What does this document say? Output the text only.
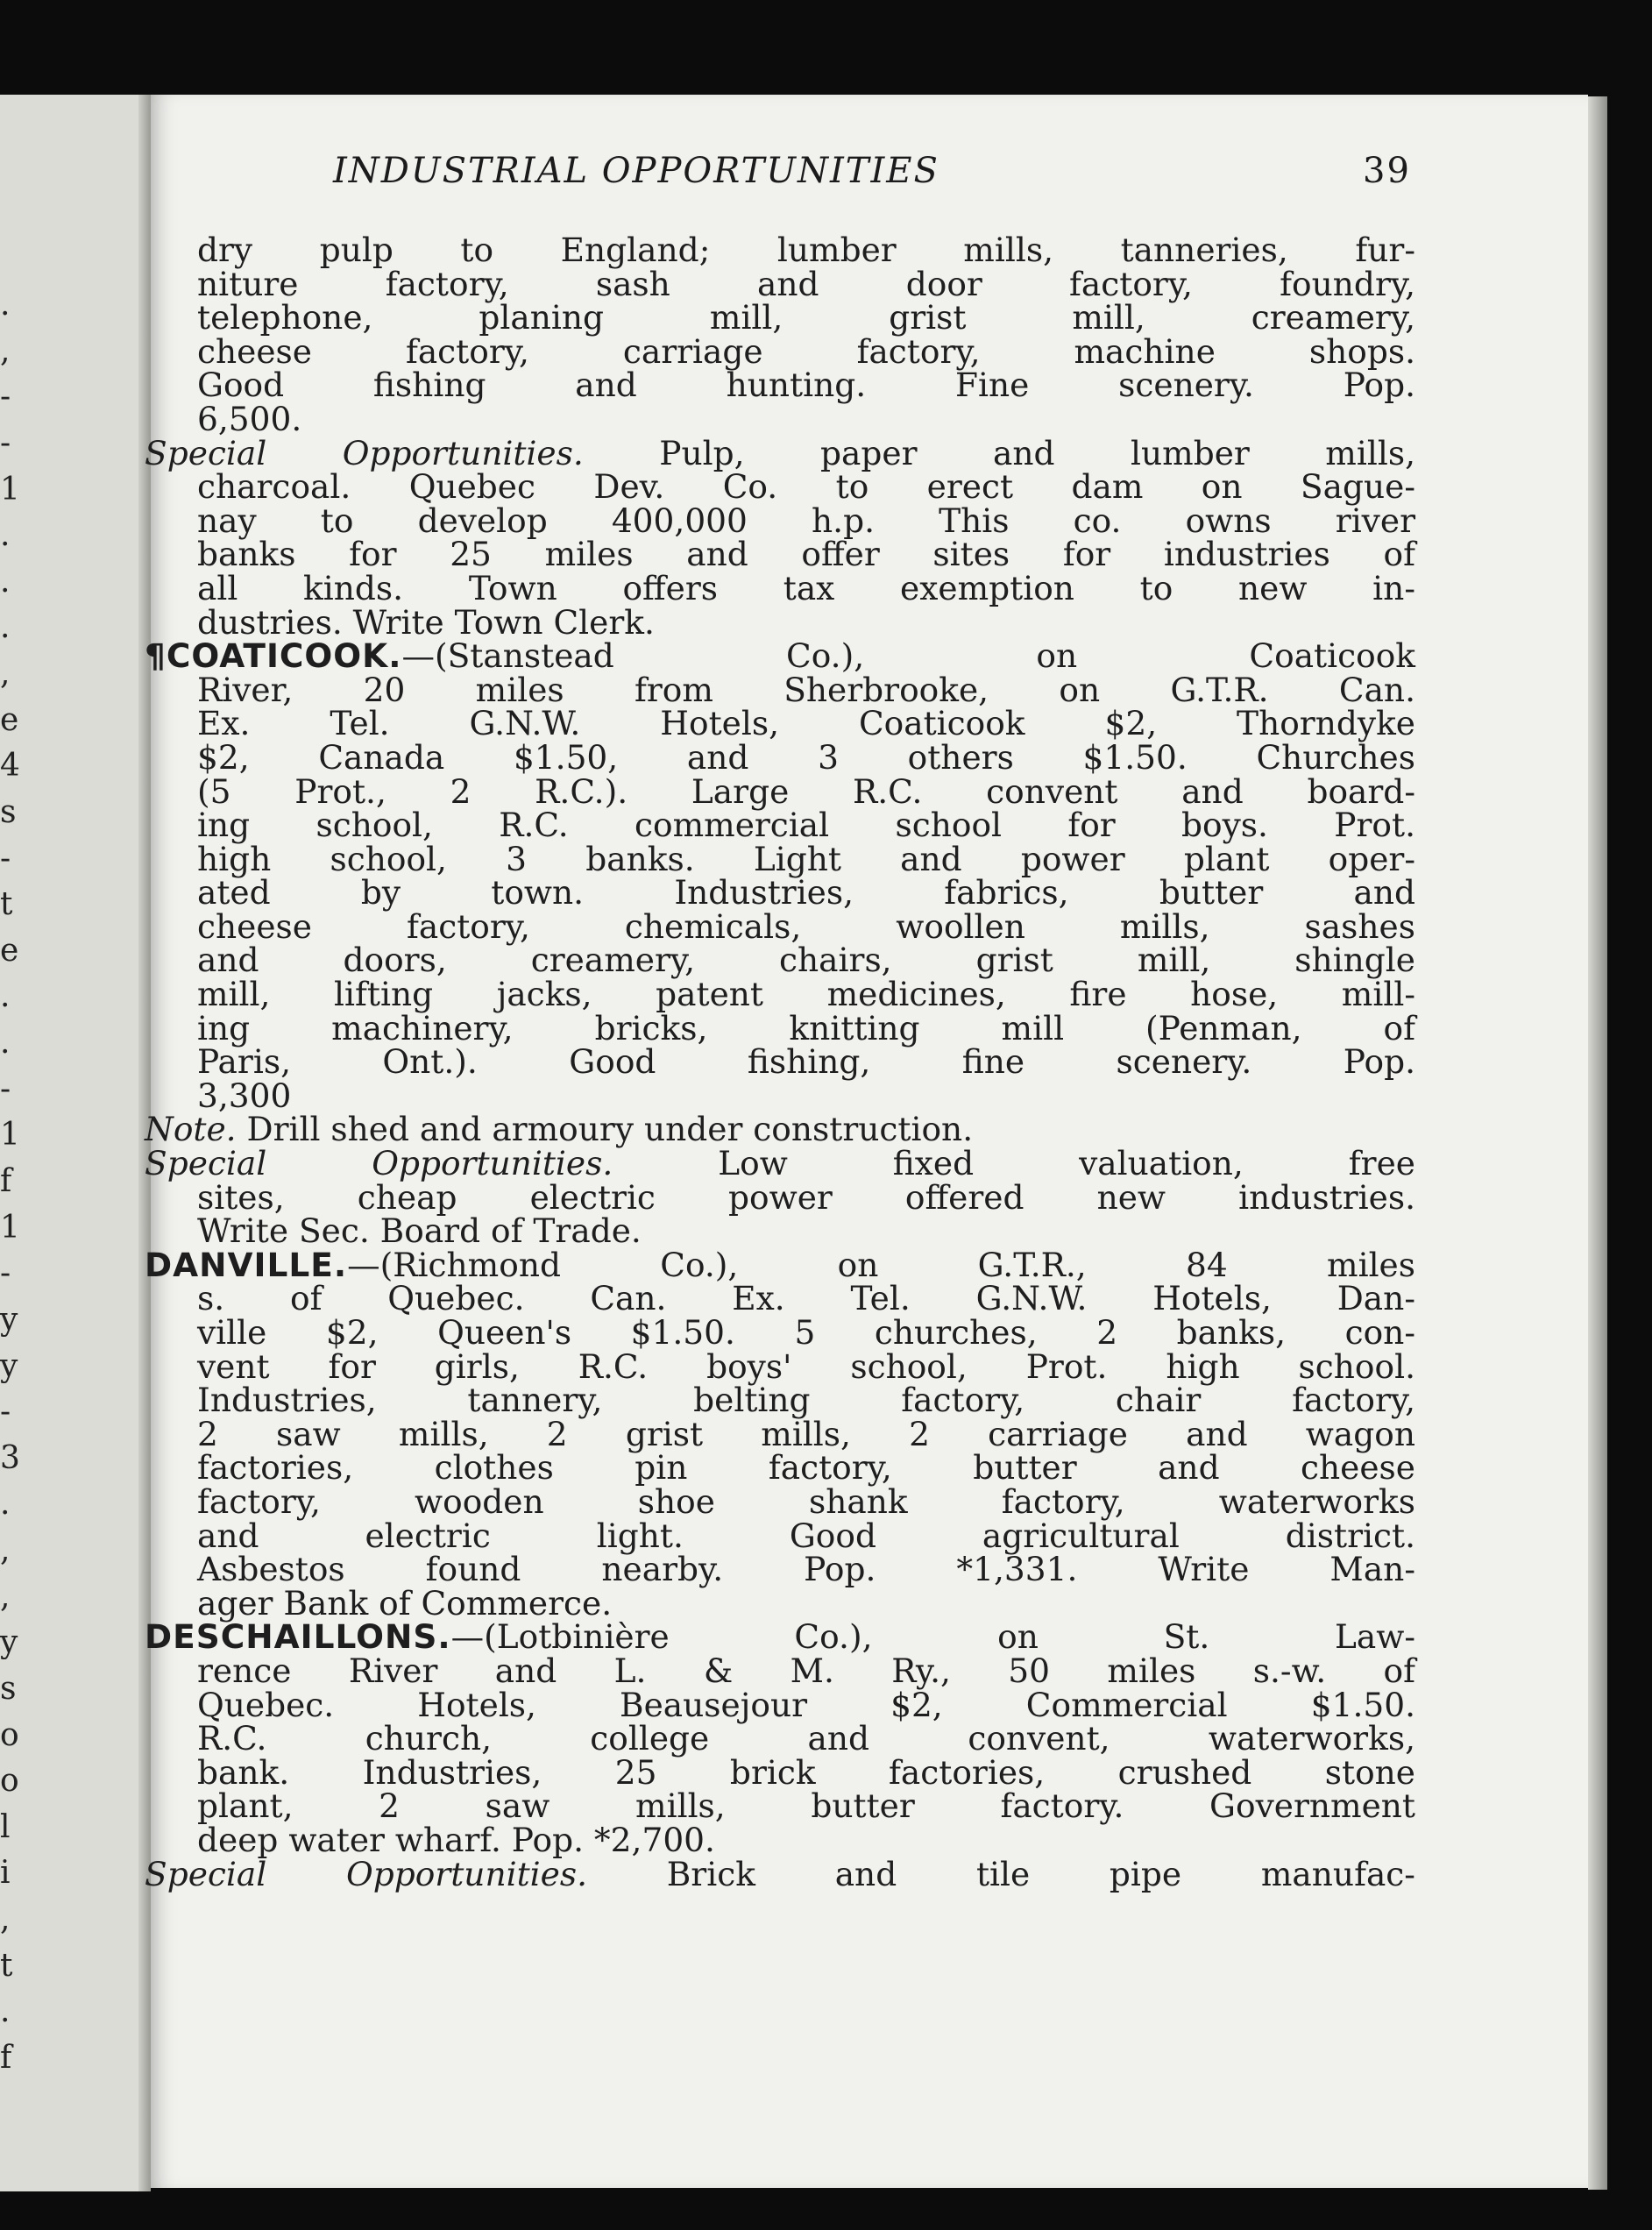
.
,
-
-
1
.
.
.
,
e
4
s
-
t
e
.
.
-
1
f
1
-
y
y
-
3
.
,
,
y
s
o
o
l
i
,
t
.
f
INDUSTRIAL OPPORTUNITIES	39
dry pulp to England; lumber mills, tanneries, fur-
niture factory, sash and door factory, foundry,
telephone, planing mill, grist mill, creamery,
cheese factory, carriage factory, machine shops.
Good fishing and hunting. Fine scenery. Pop.
6,500.
Special Opportunities. Pulp, paper and lumber mills,
charcoal. Quebec Dev. Co. to erect dam on Sague-
nay to develop 400,000 h.p. This co. owns river
banks for 25 miles and offer sites for industries of
all kinds. Town offers tax exemption to new in-
dustries. Write Town Clerk.
¶COATICOOK.—(Stanstead Co.), on Coaticook
River, 20 miles from Sherbrooke, on G.T.R. Can.
Ex. Tel. G.N.W. Hotels, Coaticook $2, Thorndyke
$2, Canada $1.50, and 3 others $1.50. Churches
(5 Prot., 2 R.C.). Large R.C. convent and board-
ing school, R.C. commercial school for boys. Prot.
high school, 3 banks. Light and power plant oper-
ated by town. Industries, fabrics, butter and
cheese factory, chemicals, woollen mills, sashes
and doors, creamery, chairs, grist mill, shingle
mill, lifting jacks, patent medicines, fire hose, mill-
ing machinery, bricks, knitting mill (Penman, of
Paris, Ont.). Good fishing, fine scenery. Pop.
3,300
Note. Drill shed and armoury under construction.
Special Opportunities. Low fixed valuation, free
sites, cheap electric power offered new industries.
Write Sec. Board of Trade.
DANVILLE.—(Richmond Co.), on G.T.R., 84 miles
s. of Quebec. Can. Ex. Tel. G.N.W. Hotels, Dan-
ville $2, Queen's $1.50. 5 churches, 2 banks, con-
vent for girls, R.C. boys' school, Prot. high school.
Industries, tannery, belting factory, chair factory,
2 saw mills, 2 grist mills, 2 carriage and wagon
factories, clothes pin factory, butter and cheese
factory, wooden shoe shank factory, waterworks
and electric light. Good agricultural district.
Asbestos found nearby. Pop. *1,331. Write Man-
ager Bank of Commerce.
DESCHAILLONS.—(Lotbinière Co.), on St. Law-
rence River and L. & M. Ry., 50 miles s.-w. of
Quebec. Hotels, Beausejour $2, Commercial $1.50.
R.C. church, college and convent, waterworks,
bank. Industries, 25 brick factories, crushed stone
plant, 2 saw mills, butter factory. Government
deep water wharf. Pop. *2,700.
Special Opportunities. Brick and tile pipe manufac-
